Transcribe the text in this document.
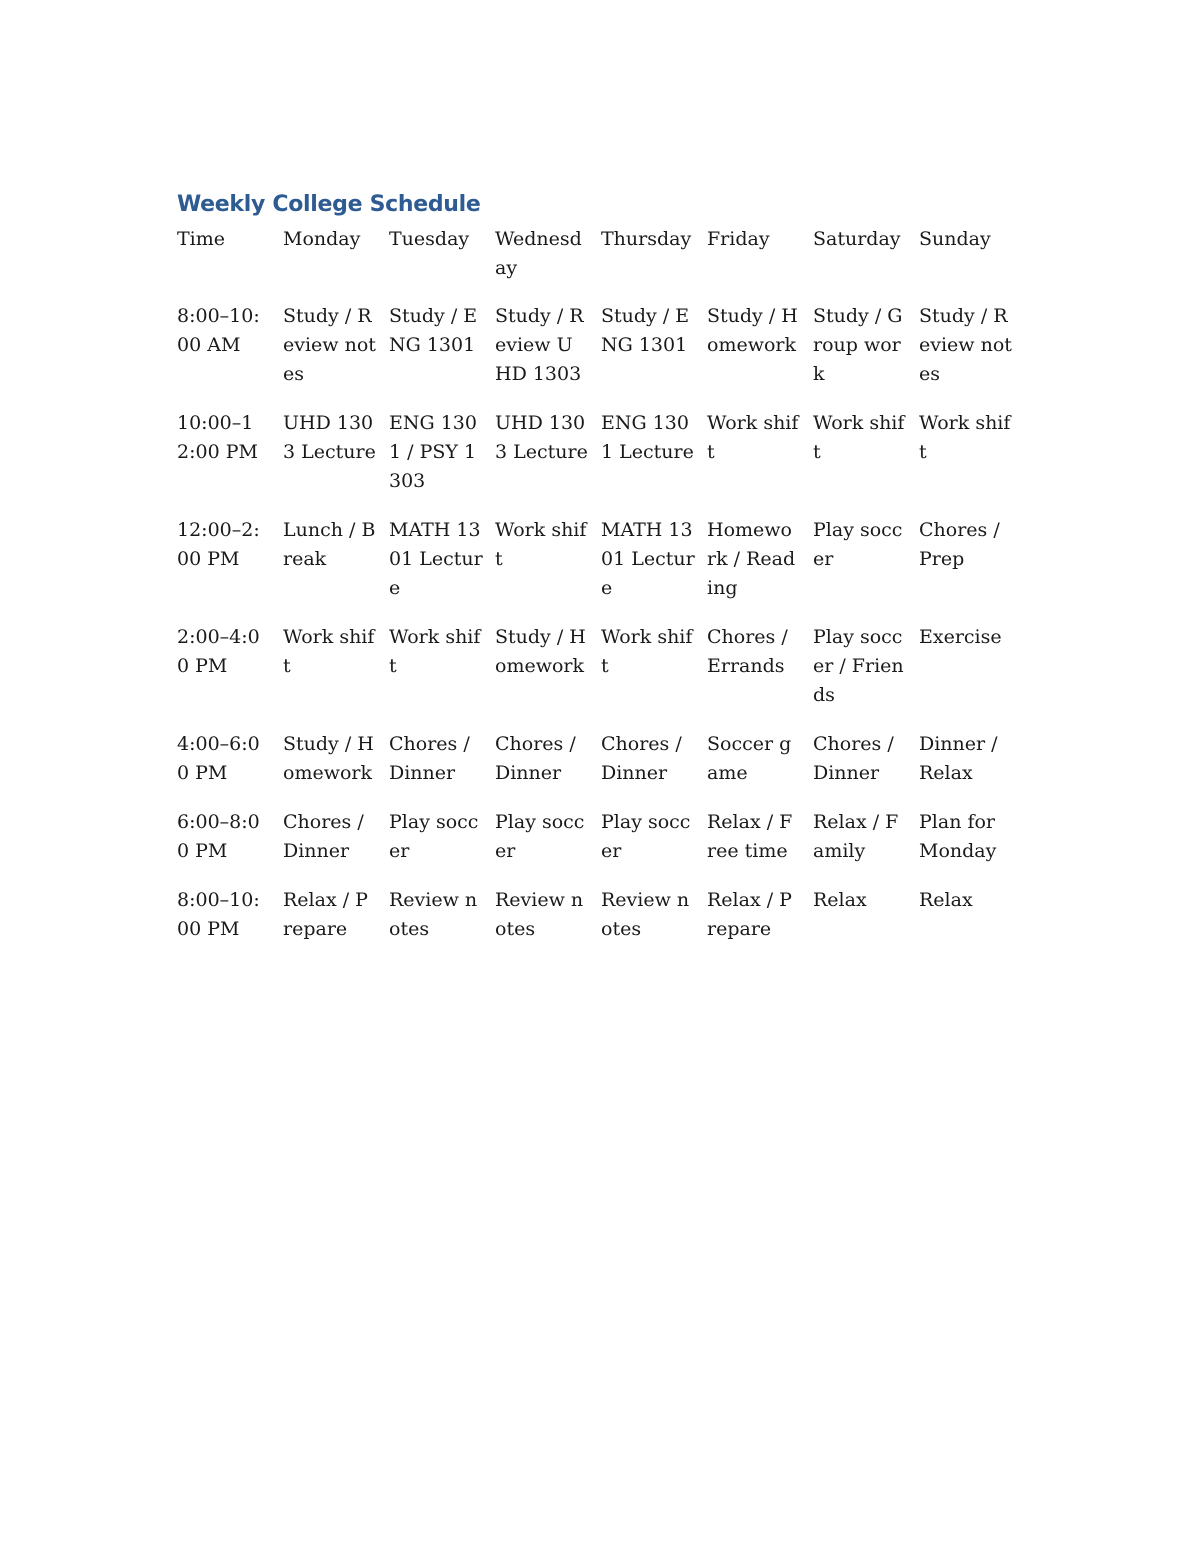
Weekly College Schedule
Time	Monday	Tuesday	Wednesday	Thursday	Friday	Saturday	Sunday
8:00–10:00 AM	Study / Review notes	Study / ENG 1301	Study / Review UHD 1303	Study / ENG 1301	Study / Homework	Study / Group work	Study / Review notes
10:00–12:00 PM	UHD 1303 Lecture	ENG 1301 / PSY 1303	UHD 1303 Lecture	ENG 1301 Lecture	Work shift	Work shift	Work shift
12:00–2:00 PM	Lunch / Break	MATH 1301 Lecture	Work shift	MATH 1301 Lecture	Homework / Reading	Play soccer	Chores / Prep
2:00–4:00 PM	Work shift	Work shift	Study / Homework	Work shift	Chores / Errands	Play soccer / Friends	Exercise
4:00–6:00 PM	Study / Homework	Chores / Dinner	Chores / Dinner	Chores / Dinner	Soccer game	Chores / Dinner	Dinner / Relax
6:00–8:00 PM	Chores / Dinner	Play soccer	Play soccer	Play soccer	Relax / Free time	Relax / Family	Plan for Monday
8:00–10:00 PM	Relax / Prepare	Review notes	Review notes	Review notes	Relax / Prepare	Relax	Relax
